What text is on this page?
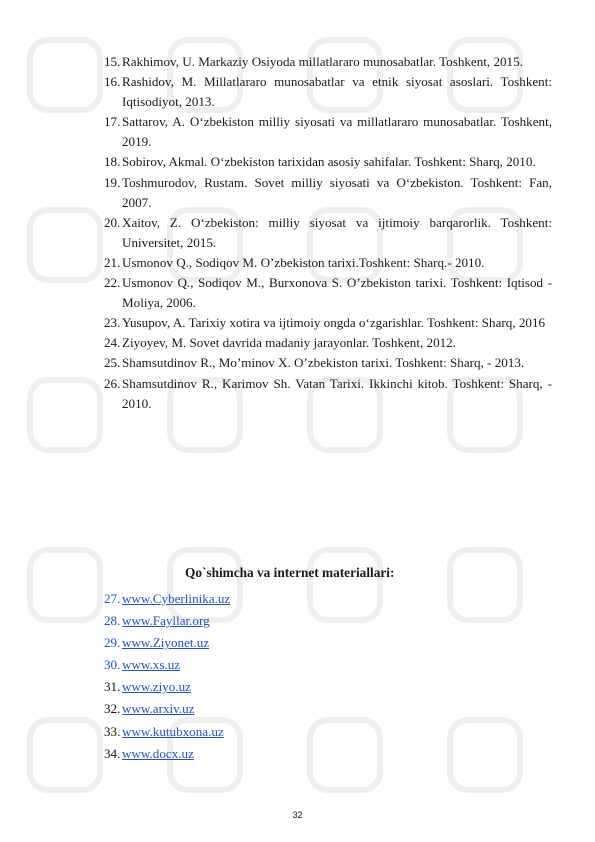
15. Rakhimov, U. Markaziy Osiyoda millatlararo munosabatlar. Toshkent, 2015.
16. Rashidov, M. Millatlararo munosabatlar va etnik siyosat asoslari. Toshkent: Iqtisodiyot, 2013.
17. Sattarov, A. O‘zbekiston milliy siyosati va millatlararo munosabatlar. Toshkent, 2019.
18. Sobirov, Akmal. O‘zbekiston tarixidan asosiy sahifalar. Toshkent: Sharq, 2010.
19. Toshmurodov, Rustam. Sovet milliy siyosati va O‘zbekiston. Toshkent: Fan, 2007.
20. Xaitov, Z. O‘zbekiston: milliy siyosat va ijtimoiy barqarorlik. Toshkent: Universitet, 2015.
21. Usmonov Q., Sodiqov M. O’zbekiston tarixi.Toshkent: Sharq.- 2010.
22. Usmonov Q., Sodiqov M., Burxonova S. O’zbekiston tarixi. Toshkent: Iqtisod - Moliya, 2006.
23. Yusupov, A. Tarixiy xotira va ijtimoiy ongda o‘zgarishlar. Toshkent: Sharq, 2016
24. Ziyoyev, M. Sovet davrida madaniy jarayonlar. Toshkent, 2012.
25. Shamsutdinov R., Mo’minov X. O’zbekiston tarixi. Toshkent: Sharq, - 2013.
26. Shamsutdinov R., Karimov Sh. Vatan Tarixi. Ikkinchi kitob. Toshkent: Sharq, - 2010.
Qo`shimcha va internet materiallari:
27. www.Cyberlinika.uz
28. www.Fayllar.org
29. www.Ziyonet.uz
30. www.xs.uz
31. www.ziyo.uz
32. www.arxiv.uz
33. www.kutubxona.uz
34. www.docx.uz
32
